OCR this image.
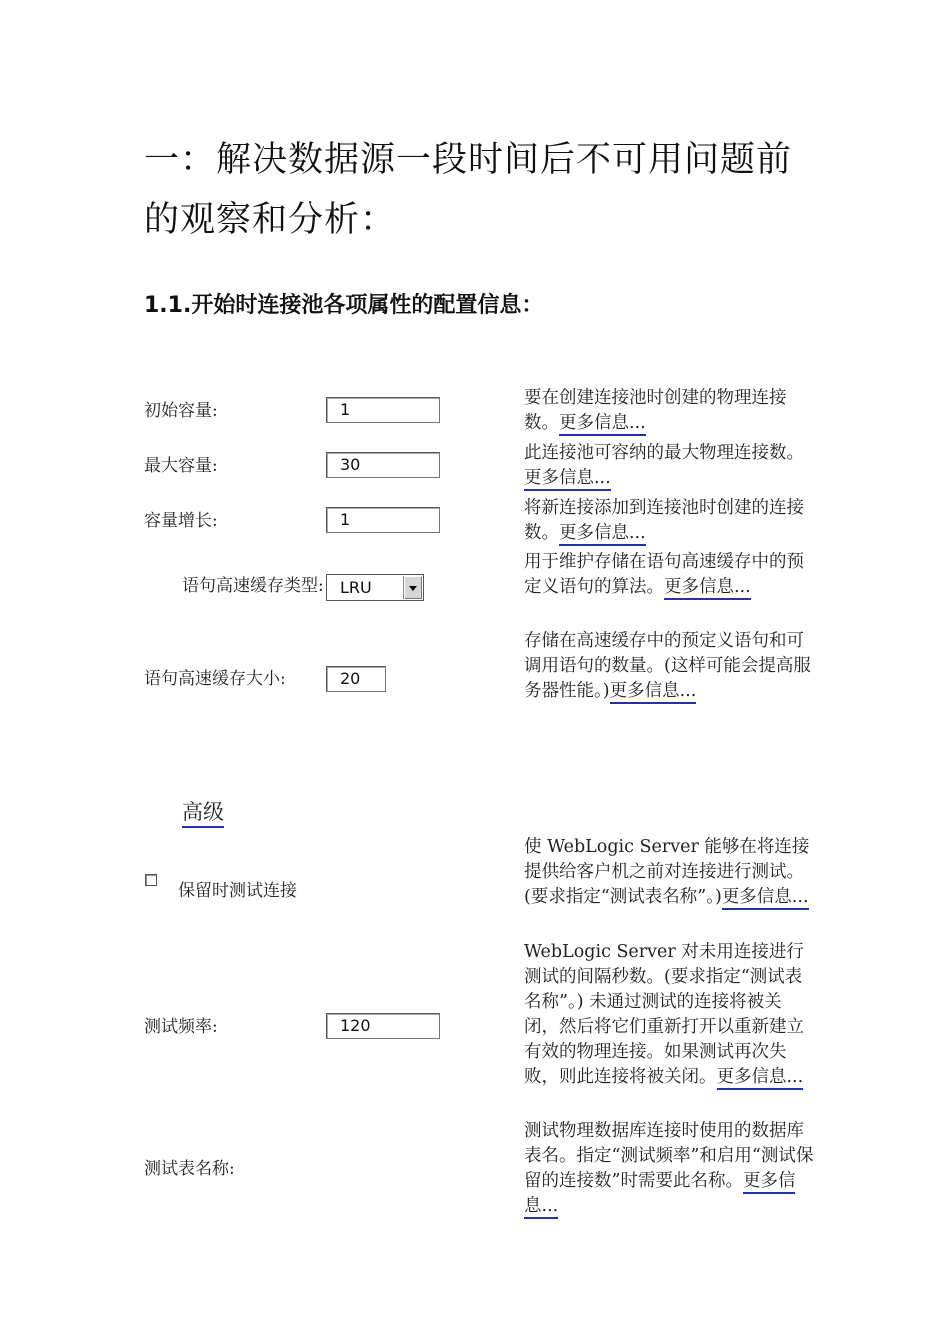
一：解决数据源一段时间后不可用问题前的观察和分析：
1.1.开始时连接池各项属性的配置信息：
初始容量:	1
要在创建连接池时创建的物理连接数。更多信息...
最大容量:	30
此连接池可容纳的最大物理连接数。更多信息...
容量增长:	1
将新连接添加到连接池时创建的连接数。更多信息...
语句高速缓存类型:	LRU
用于维护存储在语句高速缓存中的预定义语句的算法。更多信息...
语句高速缓存大小:	20
存储在高速缓存中的预定义语句和可调用语句的数量。(这样可能会提高服务器性能。)更多信息...
高级
保留时测试连接
使 WebLogic Server 能够在将连接提供给客户机之前对连接进行测试。(要求指定“测试表名称”。)更多信息...
测试频率:	120
WebLogic Server 对未用连接进行测试的间隔秒数。(要求指定“测试表名称”。) 未通过测试的连接将被关闭，然后将它们重新打开以重新建立有效的物理连接。如果测试再次失败，则此连接将被关闭。更多信息...
测试表名称:
测试物理数据库连接时使用的数据库表名。指定“测试频率”和启用“测试保留的连接数”时需要此名称。更多信息...
